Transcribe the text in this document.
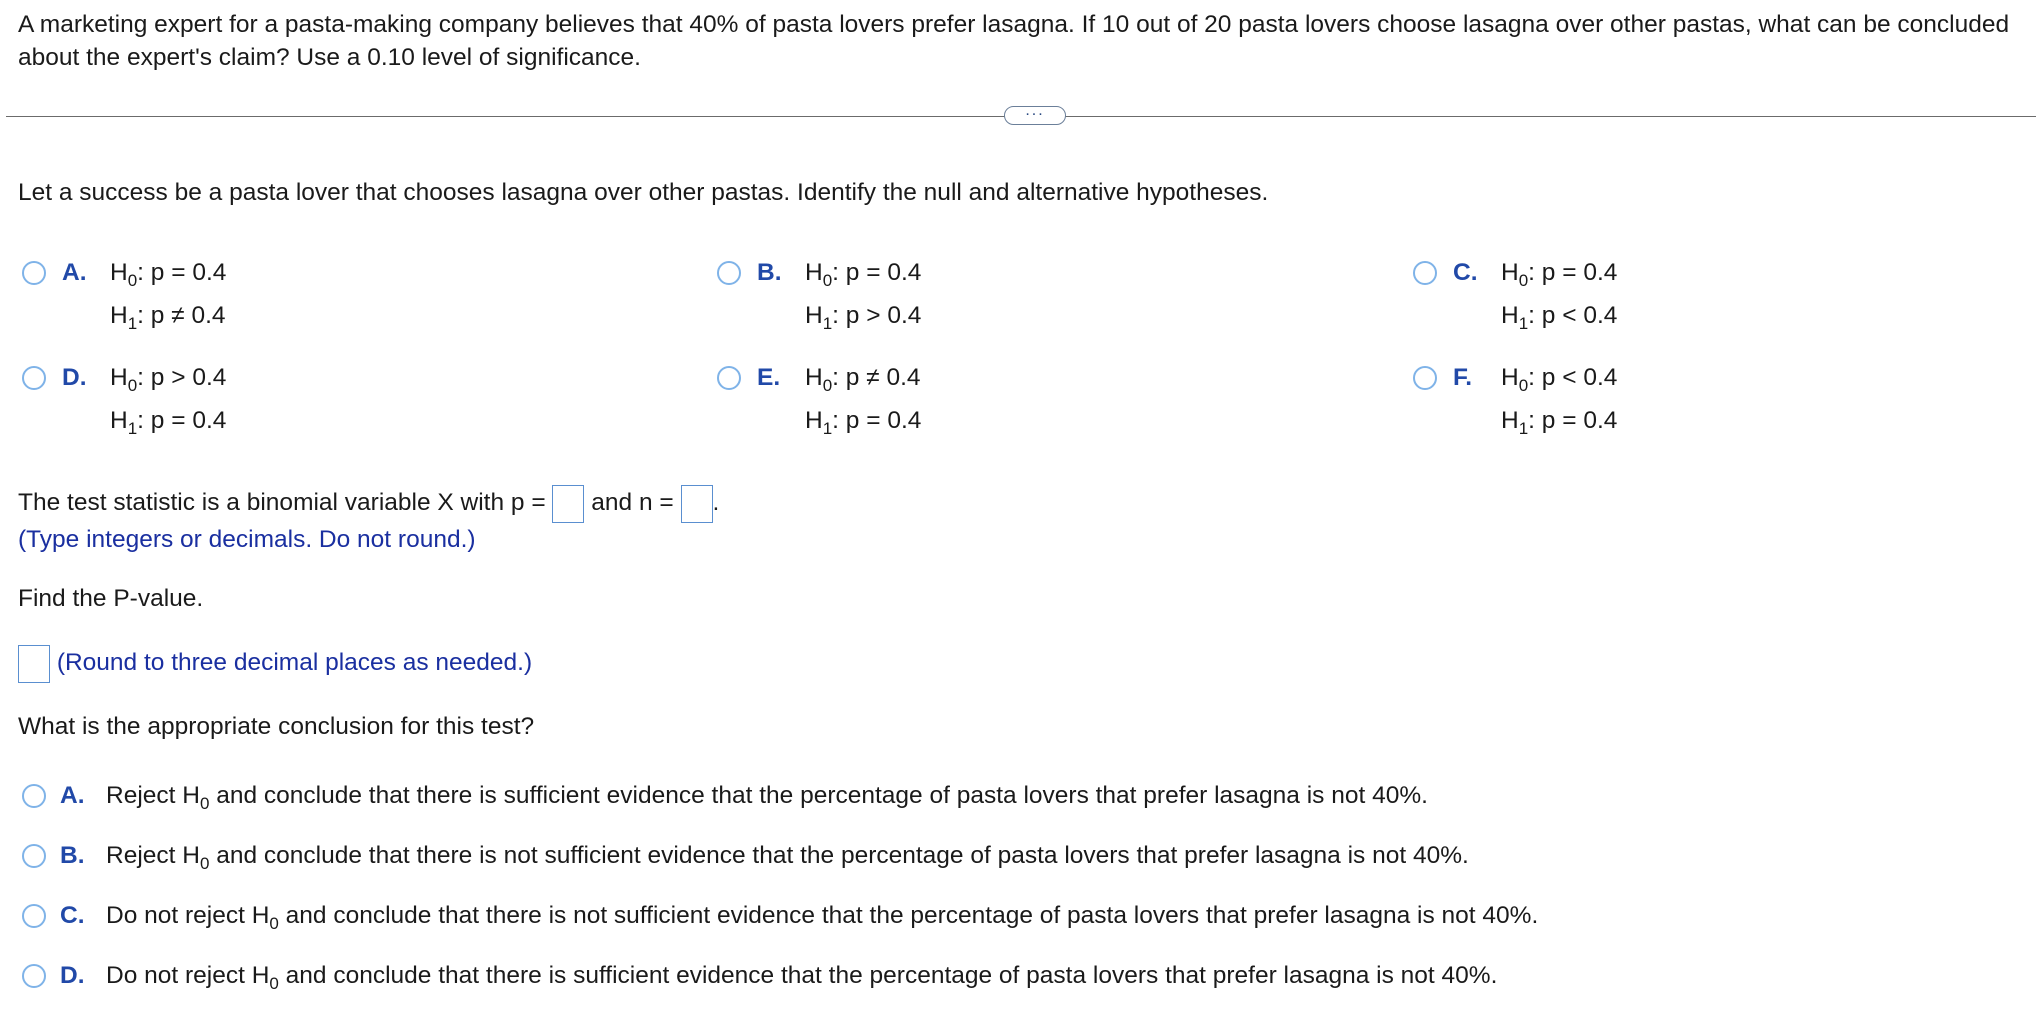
A marketing expert for a pasta-making company believes that 40% of pasta lovers prefer lasagna. If 10 out of 20 pasta lovers choose lasagna over other pastas, what can be concluded about the expert's claim? Use a 0.10 level of significance.
...
Let a success be a pasta lover that chooses lasagna over other pastas. Identify the null and alternative hypotheses.
A. $H_0$: p = 0.4
$H_1$: p ≠ 0.4
B. $H_0$: p = 0.4
$H_1$: p > 0.4
C. $H_0$: p = 0.4
$H_1$: p < 0.4
D. $H_0$: p > 0.4
$H_1$: p = 0.4
E. $H_0$: p ≠ 0.4
$H_1$: p = 0.4
F. $H_0$: p < 0.4
$H_1$: p = 0.4
The test statistic is a binomial variable X with p =  and n = .
(Type integers or decimals. Do not round.)
Find the P-value.
(Round to three decimal places as needed.)
What is the appropriate conclusion for this test?
A. Reject $H_0$ and conclude that there is sufficient evidence that the percentage of pasta lovers that prefer lasagna is not 40%.
B. Reject $H_0$ and conclude that there is not sufficient evidence that the percentage of pasta lovers that prefer lasagna is not 40%.
C. Do not reject $H_0$ and conclude that there is not sufficient evidence that the percentage of pasta lovers that prefer lasagna is not 40%.
D. Do not reject $H_0$ and conclude that there is sufficient evidence that the percentage of pasta lovers that prefer lasagna is not 40%.
